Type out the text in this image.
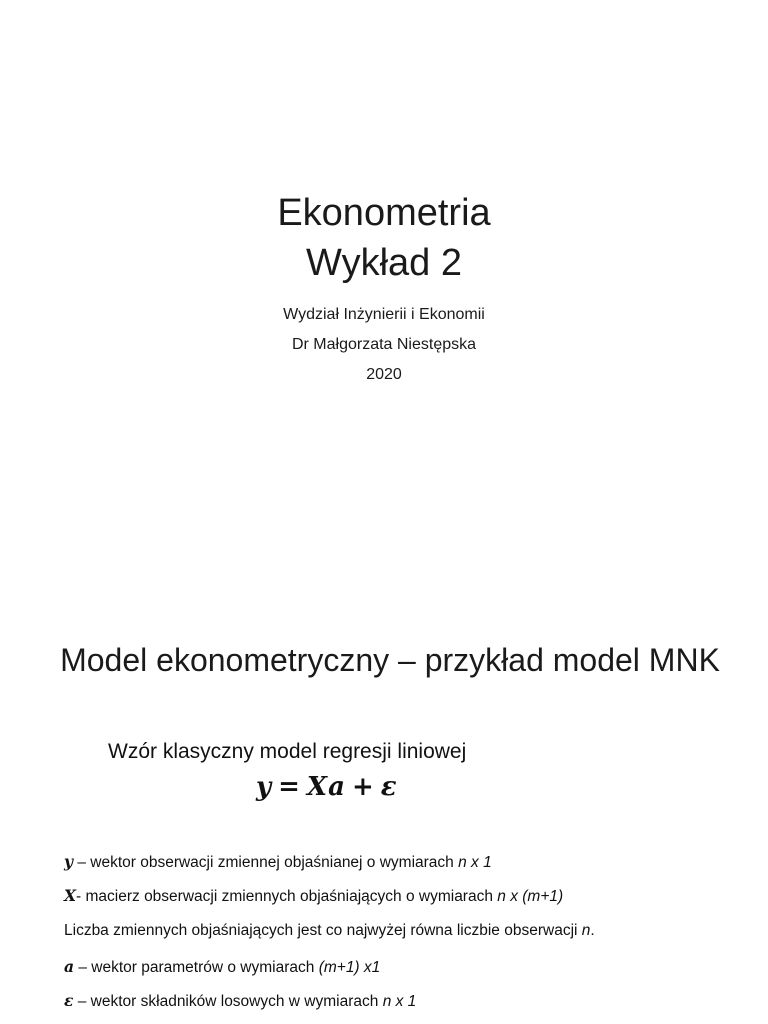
Ekonometria
Wykład 2
Wydział Inżynierii i Ekonomii
Dr Małgorzata Niestępska
2020
Model ekonometryczny – przykład model MNK
Wzór klasyczny model regresji liniowej
y = Xa + ε
y – wektor obserwacji zmiennej objaśnianej o wymiarach n x 1
X- macierz obserwacji zmiennych objaśniających o wymiarach n x (m+1)
Liczba zmiennych objaśniających jest co najwyżej równa liczbie obserwacji n.
a – wektor parametrów o wymiarach (m+1) x1
ε – wektor składników losowych w wymiarach n x 1
